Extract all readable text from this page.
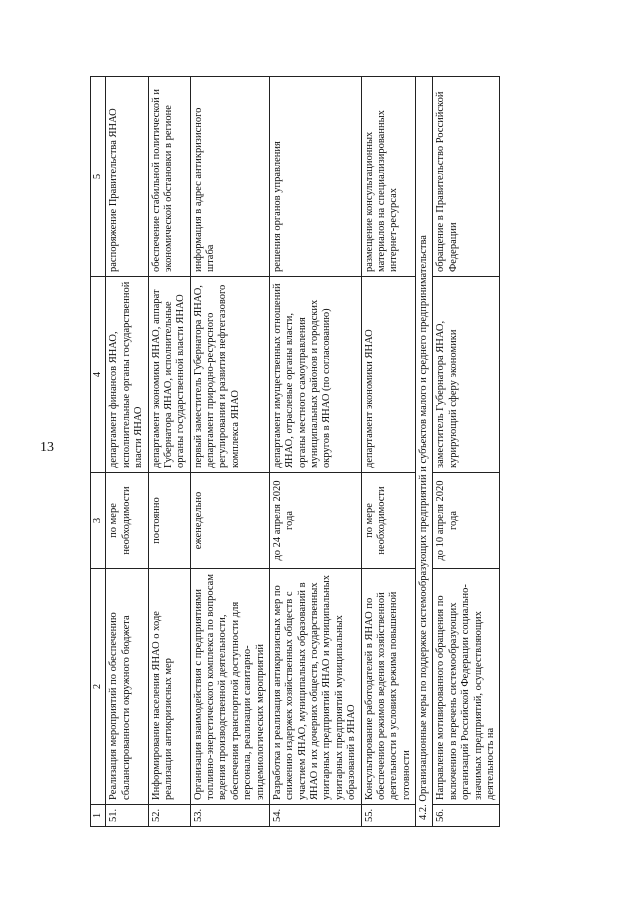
13
1	2	3	4	5
51.	Реализация мероприятий по обеспечению сбалансированности окружного бюджета	по мере необходимости	департамент финансов ЯНАО, исполнительные органы государственной власти ЯНАО	распоряжение Правительства ЯНАО
52.	Информирование населения ЯНАО о ходе реализации антикризисных мер	постоянно	департамент экономики ЯНАО, аппарат Губернатора ЯНАО, исполнительные органы государственной власти ЯНАО	обеспечение стабильной политической и экономической обстановки в регионе
53.	Организация взаимодействия с предприятиями топливно-энергетического комплекса по вопросам ведения производственной деятельности, обеспечения транспортной доступности для персонала, реализации санитарно-эпидемиологических мероприятий	еженедельно	первый заместитель Губернатора ЯНАО, департамент природно-ресурсного регулирования и развития нефтегазового комплекса ЯНАО	информация в адрес антикризисного штаба
54.	Разработка и реализация антикризисных мер по снижению издержек хозяйственных обществ с участием ЯНАО, муниципальных образований в ЯНАО и их дочерних обществ, государственных унитарных предприятий ЯНАО и муниципальных унитарных предприятий муниципальных образований в ЯНАО	до 24 апреля 2020 года	департамент имущественных отношений ЯНАО, отраслевые органы власти, органы местного самоуправления муниципальных районов и городских округов в ЯНАО (по согласованию)	решения органов управления
55.	Консультирование работодателей в ЯНАО по обеспечению режимов ведения хозяйственной деятельности в условиях режима повышенной готовности	по мере необходимости	департамент экономики ЯНАО	размещение консультационных материалов на специализированных интернет-ресурсах
4.2. Организационные меры по поддержке системообразующих предприятий и субъектов малого и среднего предпринимательства				
56.	Направление мотивированного обращения по включению в перечень системообразующих организаций Российской Федерации социально-значимых предприятий, осуществляющих деятельность на	до 10 апреля 2020 года	заместитель Губернатора ЯНАО, курирующий сферу экономики	обращение в Правительство Российской Федерации
